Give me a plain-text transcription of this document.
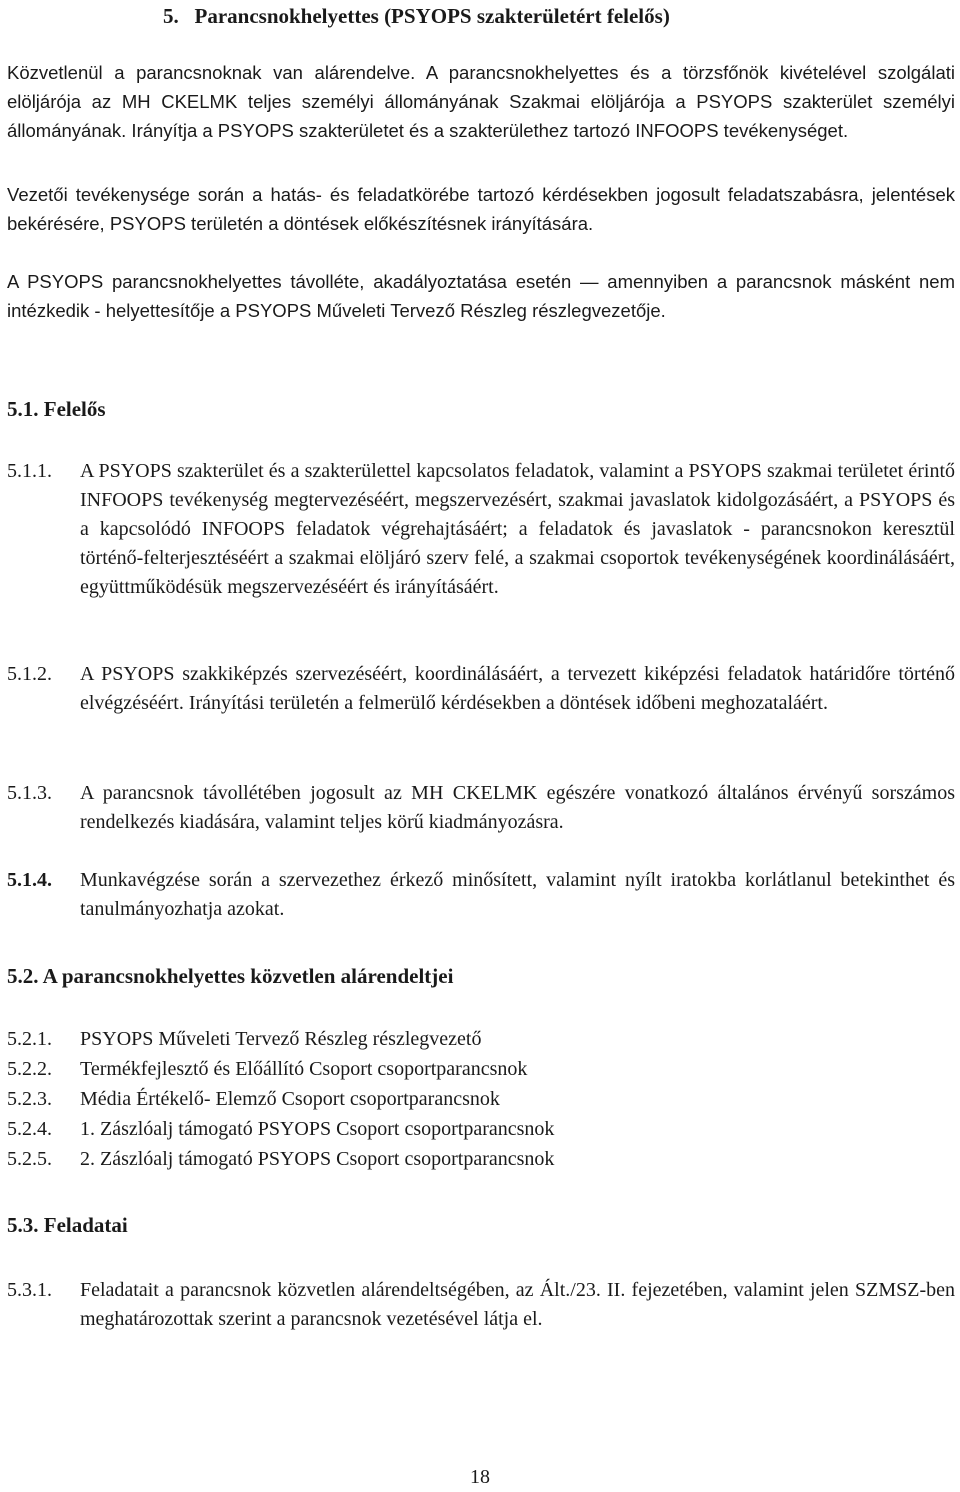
5. Parancsnokhelyettes (PSYOPS szakterületért felelős)

Közvetlenül a parancsnoknak van alárendelve. A parancsnokhelyettes és a törzsfőnök kivételével szolgálati elöljárója az MH CKELMK teljes személyi állományának Szakmai elöljárója a PSYOPS szakterület személyi állományának. Irányítja a PSYOPS szakterületet és a szakterülethez tartozó INFOOPS tevékenységet.

Vezetői tevékenysége során a hatás- és feladatkörébe tartozó kérdésekben jogosult feladatszabásra, jelentések bekérésére, PSYOPS területén a döntések előkészítésnek irányítására.

A PSYOPS parancsnokhelyettes távolléte, akadályoztatása esetén — amennyiben a parancsnok másként nem intézkedik - helyettesítője a PSYOPS Műveleti Tervező Részleg részlegvezetője.

5.1. Felelős
5.1.1. A PSYOPS szakterület és a szakterülettel kapcsolatos feladatok, valamint a PSYOPS szakmai területet érintő INFOOPS tevékenység megtervezéséért, megszervezésért, szakmai javaslatok kidolgozásáért, a PSYOPS és a kapcsolódó INFOOPS feladatok végrehajtásáért; a feladatok és javaslatok - parancsnokon keresztül történő-felterjesztéséért a szakmai elöljáró szerv felé, a szakmai csoportok tevékenységének koordinálásáért, együttműködésük megszervezéséért és irányításáért.
5.1.2. A PSYOPS szakkiképzés szervezéséért, koordinálásáért, a tervezett kiképzési feladatok határidőre történő elvégzéséért. Irányítási területén a felmerülő kérdésekben a döntések időbeni meghozataláért.
5.1.3. A parancsnok távollétében jogosult az MH CKELMK egészére vonatkozó általános érvényű sorszámos rendelkezés kiadására, valamint teljes körű kiadmányozásra.
5.1.4. Munkavégzése során a szervezethez érkező minősített, valamint nyílt iratokba korlátlanul betekinthet és tanulmányozhatja azokat.
5.2. A parancsnokhelyettes közvetlen alárendeltjei
5.2.1. PSYOPS Műveleti Tervező Részleg részlegvezető
5.2.2. Termékfejlesztő és Előállító Csoport csoportparancsnok
5.2.3. Média Értékelő- Elemző Csoport csoportparancsnok
5.2.4. 1. Zászlóalj támogató PSYOPS Csoport csoportparancsnok
5.2.5. 2. Zászlóalj támogató PSYOPS Csoport csoportparancsnok
5.3. Feladatai
5.3.1. Feladatait a parancsnok közvetlen alárendeltségében, az Ált./23. II. fejezetében, valamint jelen SZMSZ-ben meghatározottak szerint a parancsnok vezetésével látja el.
18
